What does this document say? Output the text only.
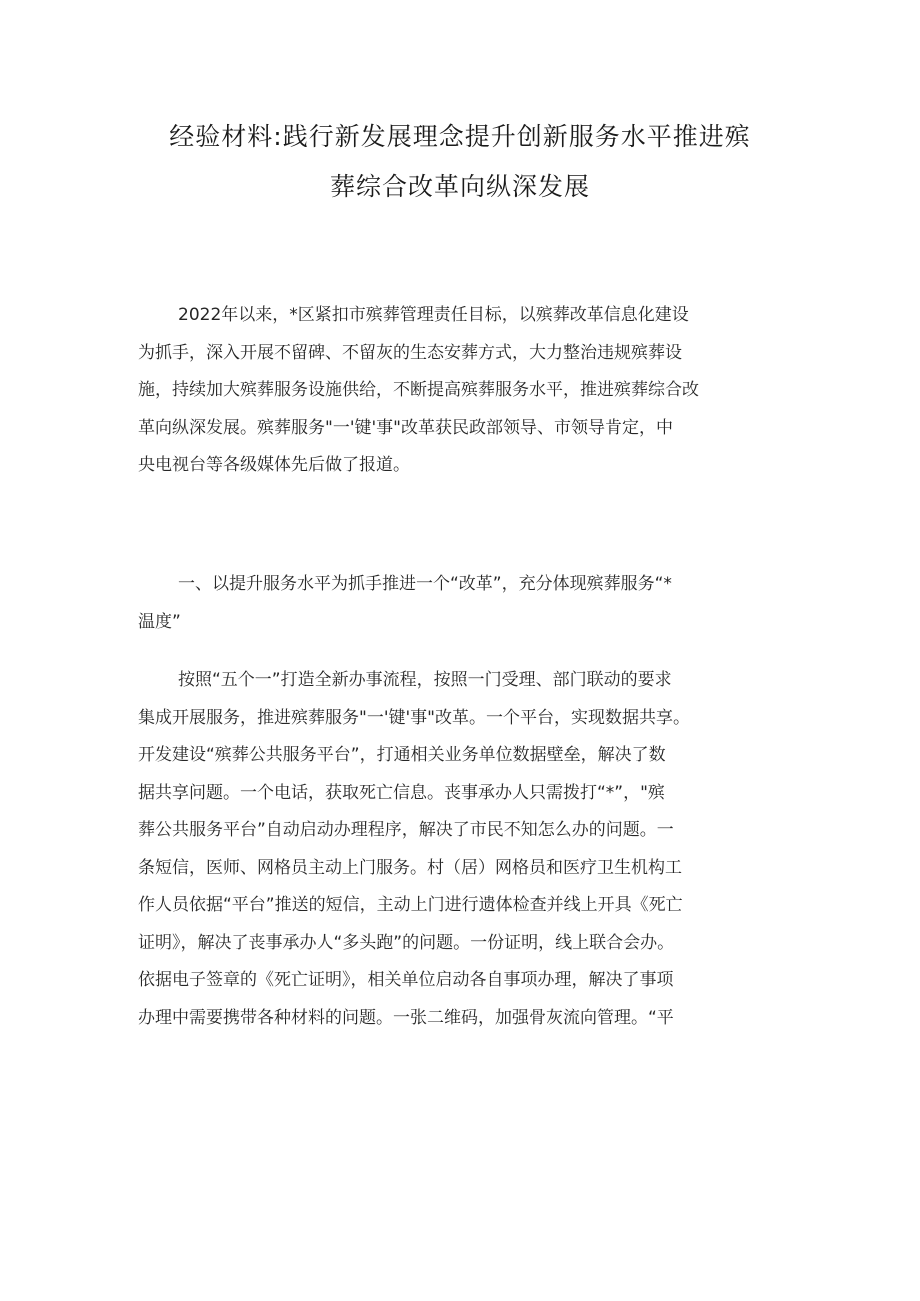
经验材料:践行新发展理念提升创新服务水平推进殡
葬综合改革向纵深发展
2022年以来，*区紧扣市殡葬管理责任目标，以殡葬改革信息化建设
为抓手，深入开展不留碑、不留灰的生态安葬方式，大力整治违规殡葬设
施，持续加大殡葬服务设施供给，不断提高殡葬服务水平，推进殡葬综合改
革向纵深发展。殡葬服务"一'键'事"改革获民政部领导、市领导肯定，中
央电视台等各级媒体先后做了报道。
一、以提升服务水平为抓手推进一个“改革”，充分体现殡葬服务“*
温度”
按照“五个一”打造全新办事流程，按照一门受理、部门联动的要求
集成开展服务，推进殡葬服务"一'键'事"改革。一个平台，实现数据共享。
开发建设“殡葬公共服务平台”，打通相关业务单位数据壁垒，解决了数
据共享问题。一个电话，获取死亡信息。丧事承办人只需拨打“*”，"殡
葬公共服务平台”自动启动办理程序，解决了市民不知怎么办的问题。一
条短信，医师、网格员主动上门服务。村（居）网格员和医疗卫生机构工
作人员依据“平台”推送的短信，主动上门进行遗体检查并线上开具《死亡
证明》，解决了丧事承办人“多头跑”的问题。一份证明，线上联合会办。
依据电子签章的《死亡证明》，相关单位启动各自事项办理，解决了事项
办理中需要携带各种材料的问题。一张二维码，加强骨灰流向管理。“平
